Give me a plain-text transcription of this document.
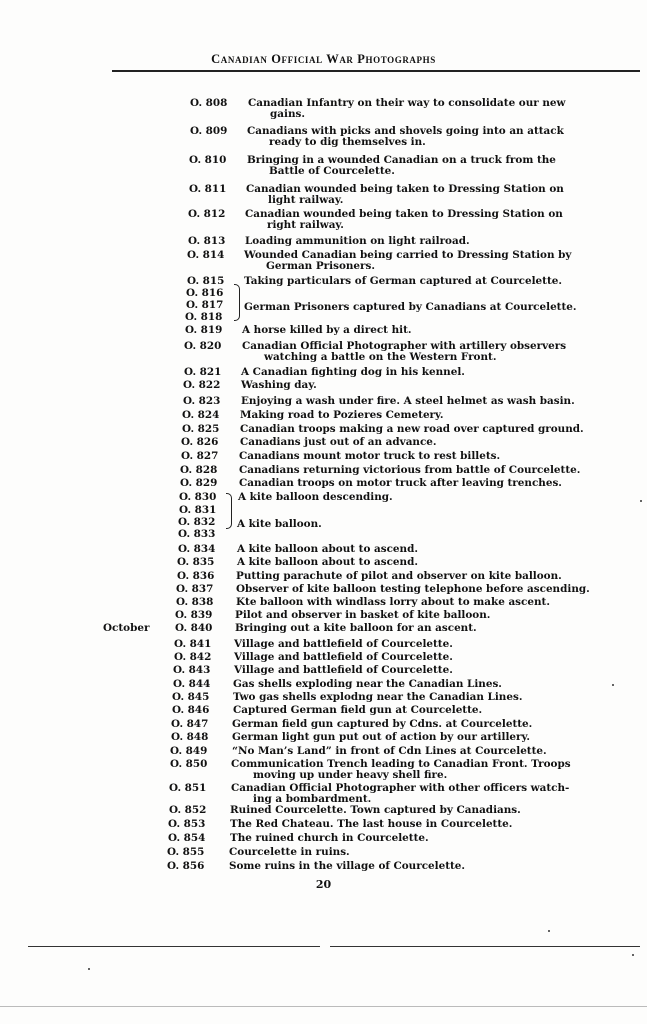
Canadian Official War Photographs
O. 808 Canadian Infantry on their way to consolidate our new
gains.
O. 809 Canadians with picks and shovels going into an attack
ready to dig themselves in.
O. 810 Bringing in a wounded Canadian on a truck from the
Battle of Courcelette.
O. 811 Canadian wounded being taken to Dressing Station on
light railway.
O. 812 Canadian wounded being taken to Dressing Station on
right railway.
O. 813 Loading ammunition on light railroad.
O. 814 Wounded Canadian being carried to Dressing Station by
German Prisoners.
O. 815 Taking particulars of German captured at Courcelette.
O. 816
O. 817 German Prisoners captured by Canadians at Courcelette.
O. 818
O. 819 A horse killed by a direct hit.
O. 820 Canadian Official Photographer with artillery observers
watching a battle on the Western Front.
O. 821 A Canadian fighting dog in his kennel.
O. 822 Washing day.
O. 823 Enjoying a wash under fire. A steel helmet as wash basin.
O. 824 Making road to Pozieres Cemetery.
O. 825 Canadian troops making a new road over captured ground.
O. 826 Canadians just out of an advance.
O. 827 Canadians mount motor truck to rest billets.
O. 828 Canadians returning victorious from battle of Courcelette.
O. 829 Canadian troops on motor truck after leaving trenches.
O. 830 A kite balloon descending.
O. 831
O. 832 A kite balloon.
O. 833
O. 834 A kite balloon about to ascend.
O. 835 A kite balloon about to ascend.
O. 836 Putting parachute of pilot and observer on kite balloon.
O. 837 Observer of kite balloon testing telephone before ascending.
O. 838 Kte balloon with windlass lorry about to make ascent.
O. 839 Pilot and observer in basket of kite balloon.
O. 840 Bringing out a kite balloon for an ascent.
O. 841 Village and battlefield of Courcelette.
O. 842 Village and battlefield of Courcelette.
O. 843 Village and battlefield of Courcelette.
O. 844 Gas shells exploding near the Canadian Lines.
O. 845 Two gas shells explodng near the Canadian Lines.
O. 846 Captured German field gun at Courcelette.
O. 847 German field gun captured by Cdns. at Courcelette.
O. 848 German light gun put out of action by our artillery.
O. 849 “No Man’s Land” in front of Cdn Lines at Courcelette.
O. 850 Communication Trench leading to Canadian Front. Troops
moving up under heavy shell fire.
O. 851 Canadian Official Photographer with other officers watch-
ing a bombardment.
O. 852 Ruined Courcelette. Town captured by Canadians.
O. 853 The Red Chateau. The last house in Courcelette.
O. 854 The ruined church in Courcelette.
O. 855 Courcelette in ruins.
O. 856 Some ruins in the village of Courcelette.
October
20
